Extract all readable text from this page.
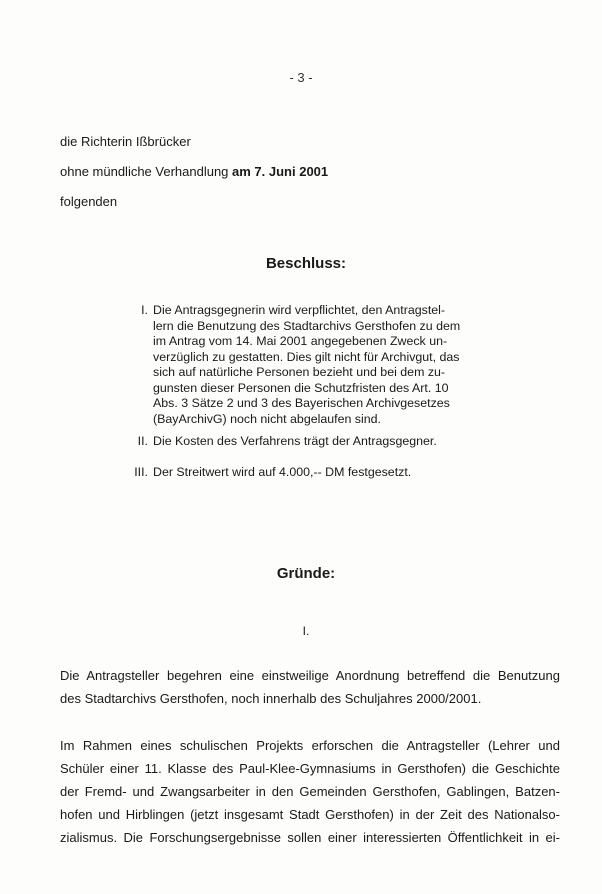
- 3 -

die Richterin Ißbrücker

ohne mündliche Verhandlung am 7. Juni 2001

folgenden

Beschluss:
I. Die Antragsgegnerin wird verpflichtet, den Antragstel-
lern die Benutzung des Stadtarchivs Gersthofen zu dem
im Antrag vom 14. Mai 2001 angegebenen Zweck un-
verzüglich zu gestatten. Dies gilt nicht für Archivgut, das
sich auf natürliche Personen bezieht und bei dem zu-
gunsten dieser Personen die Schutzfristen des Art. 10
Abs. 3 Sätze 2 und 3 des Bayerischen Archivgesetzes
(BayArchivG) noch nicht abgelaufen sind.
II. Die Kosten des Verfahrens trägt der Antragsgegner.
III. Der Streitwert wird auf 4.000,-- DM festgesetzt.
Gründe:
I.
Die Antragsteller begehren eine einstweilige Anordnung betreffend die Benutzung
des Stadtarchivs Gersthofen, noch innerhalb des Schuljahres 2000/2001.
Im Rahmen eines schulischen Projekts erforschen die Antragsteller (Lehrer und
Schüler einer 11. Klasse des Paul-Klee-Gymnasiums in Gersthofen) die Geschichte
der Fremd- und Zwangsarbeiter in den Gemeinden Gersthofen, Gablingen, Batzen-
hofen und Hirblingen (jetzt insgesamt Stadt Gersthofen) in der Zeit des Nationalso-
zialismus. Die Forschungsergebnisse sollen einer interessierten Öffentlichkeit in ei-
